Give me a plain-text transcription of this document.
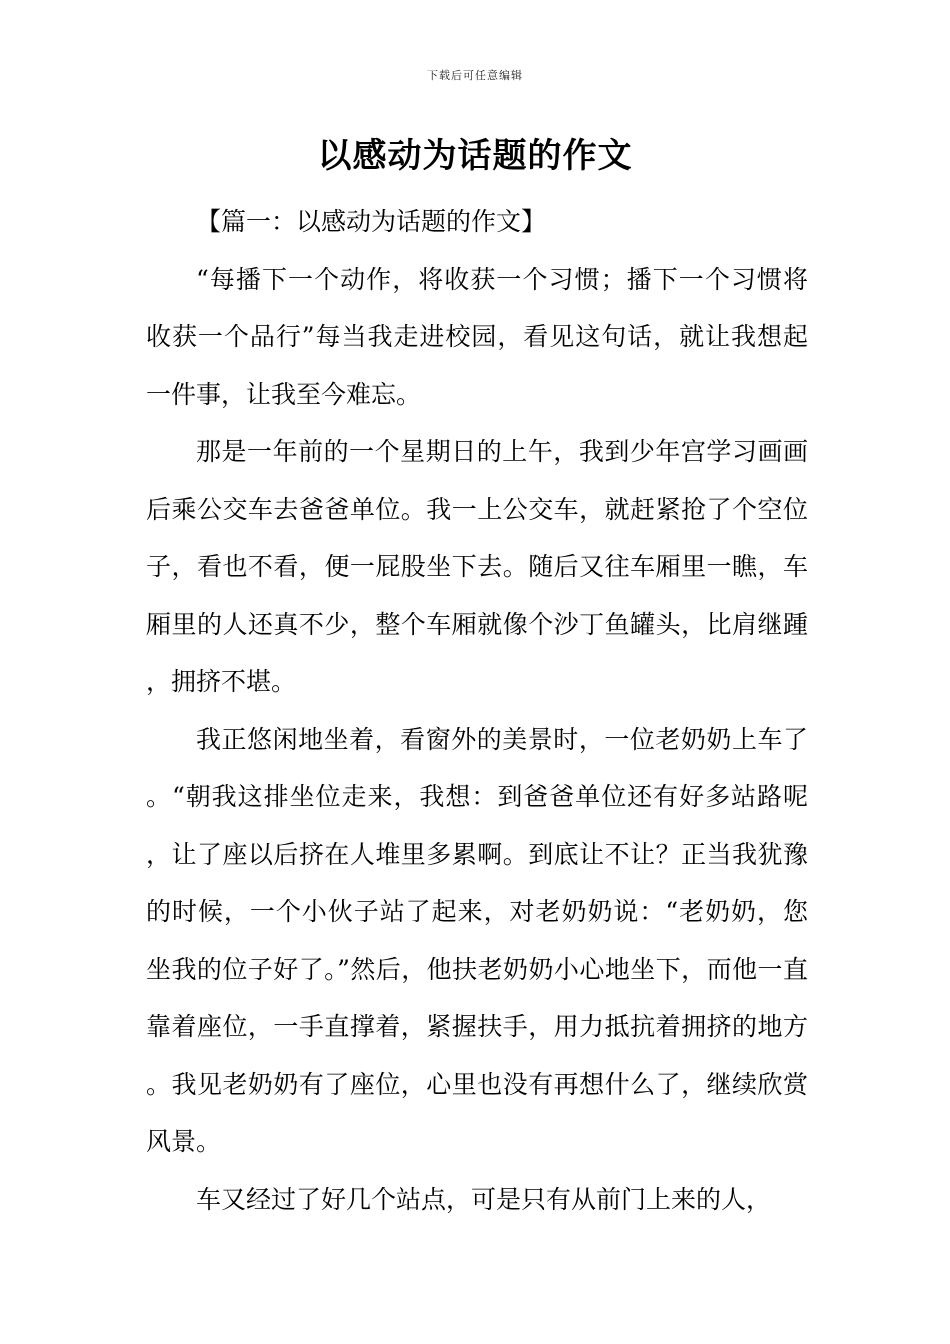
下载后可任意编辑
以感动为话题的作文
【篇一：以感动为话题的作文】

“每播下一个动作，将收获一个习惯；播下一个习惯将收获一个品行”每当我走进校园，看见这句话，就让我想起一件事，让我至今难忘。

那是一年前的一个星期日的上午，我到少年宫学习画画后乘公交车去爸爸单位。我一上公交车，就赶紧抢了个空位子，看也不看，便一屁股坐下去。随后又往车厢里一瞧，车厢里的人还真不少，整个车厢就像个沙丁鱼罐头，比肩继踵，拥挤不堪。

我正悠闲地坐着，看窗外的美景时，一位老奶奶上车了。“朝我这排坐位走来，我想：到爸爸单位还有好多站路呢，让了座以后挤在人堆里多累啊。到底让不让？正当我犹豫的时候，一个小伙子站了起来，对老奶奶说：“老奶奶，您坐我的位子好了。”然后，他扶老奶奶小心地坐下，而他一直靠着座位，一手直撑着，紧握扶手，用力抵抗着拥挤的地方。我见老奶奶有了座位，心里也没有再想什么了，继续欣赏风景。

车又经过了好几个站点，可是只有从前门上来的人，
